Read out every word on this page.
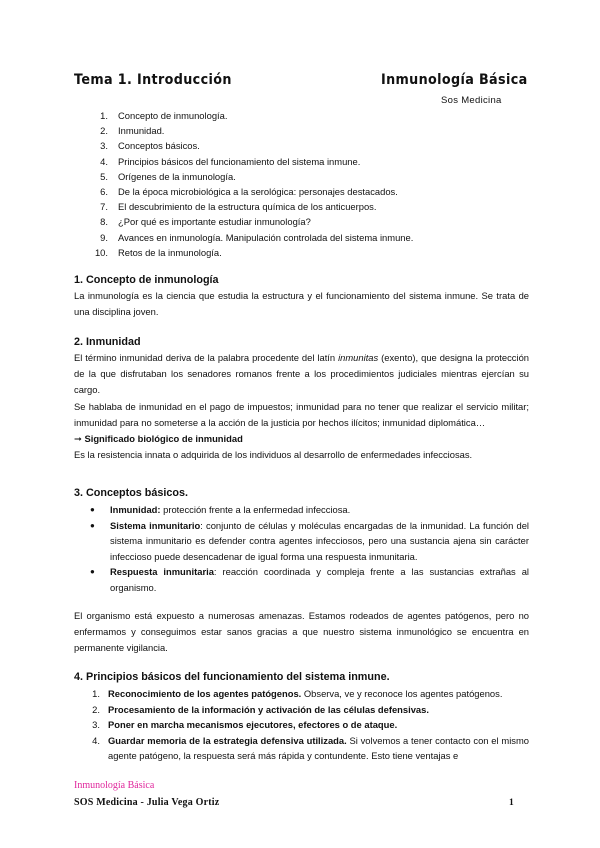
Tema 1. Introducción	Inmunología Básica
Sos Medicina
1. Concepto de inmunología.
2. Inmunidad.
3. Conceptos básicos.
4. Principios básicos del funcionamiento del sistema inmune.
5. Orígenes de la inmunología.
6. De la época microbiológica a la serológica: personajes destacados.
7. El descubrimiento de la estructura química de los anticuerpos.
8. ¿Por qué es importante estudiar inmunología?
9. Avances en inmunología. Manipulación controlada del sistema inmune.
10. Retos de la inmunología.
1. Concepto de inmunología
La inmunología es la ciencia que estudia la estructura y el funcionamiento del sistema inmune. Se trata de una disciplina joven.
2. Inmunidad
El término inmunidad deriva de la palabra procedente del latín inmunitas (exento), que designa la protección de la que disfrutaban los senadores romanos frente a los procedimientos judiciales mientras ejercían su cargo.
Se hablaba de inmunidad en el pago de impuestos; inmunidad para no tener que realizar el servicio militar; inmunidad para no someterse a la acción de la justicia por hechos ilícitos; inmunidad diplomática…
➞ Significado biológico de inmunidad
Es la resistencia innata o adquirida de los individuos al desarrollo de enfermedades infecciosas.
3. Conceptos básicos.
● Inmunidad: protección frente a la enfermedad infecciosa.
● Sistema inmunitario: conjunto de células y moléculas encargadas de la inmunidad. La función del sistema inmunitario es defender contra agentes infecciosos, pero una sustancia ajena sin carácter infeccioso puede desencadenar de igual forma una respuesta inmunitaria.
● Respuesta inmunitaria: reacción coordinada y compleja frente a las sustancias extrañas al organismo.
El organismo está expuesto a numerosas amenazas. Estamos rodeados de agentes patógenos, pero no enfermamos y conseguimos estar sanos gracias a que nuestro sistema inmunológico se encuentra en permanente vigilancia.
4. Principios básicos del funcionamiento del sistema inmune.
1. Reconocimiento de los agentes patógenos. Observa, ve y reconoce los agentes patógenos.
2. Procesamiento de la información y activación de las células defensivas.
3. Poner en marcha mecanismos ejecutores, efectores o de ataque.
4. Guardar memoria de la estrategia defensiva utilizada. Si volvemos a tener contacto con el mismo agente patógeno, la respuesta será más rápida y contundente. Esto tiene ventajas e
Inmunología Básica
SOS Medicina - Julia Vega Ortiz	1
